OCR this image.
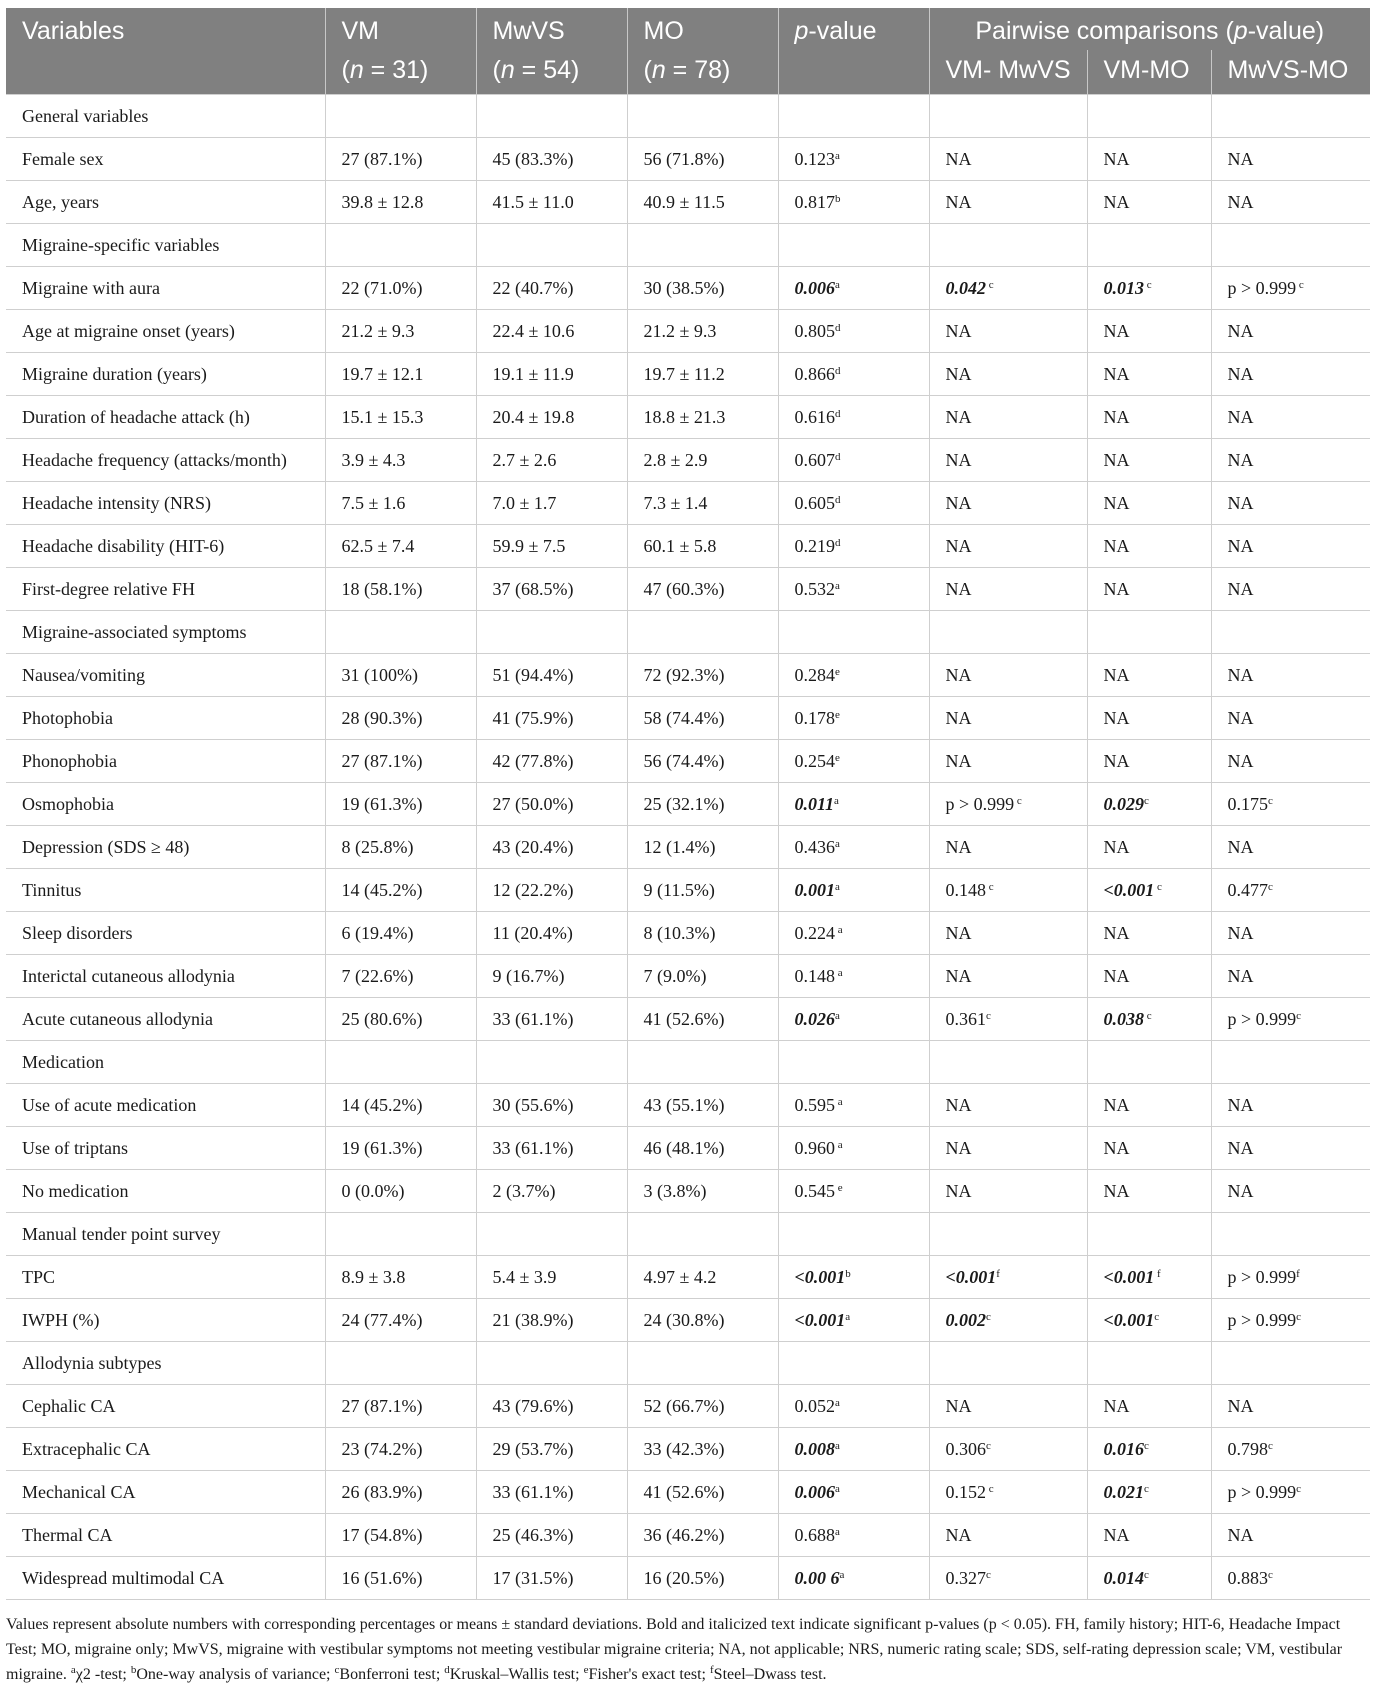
Variables	VM	MwVS	MO	p-value	Pairwise comparisons (p-value)		
	(n = 31)	(n = 54)	(n = 78)		VM- MwVS	VM-MO	MwVS-MO
General variables							
Female sex	27 (87.1%)	45 (83.3%)	56 (71.8%)	0.123$^a$	NA	NA	NA
Age, years	39.8 ± 12.8	41.5 ± 11.0	40.9 ± 11.5	0.817$^b$	NA	NA	NA
Migraine-specific variables							
Migraine with aura	22 (71.0%)	22 (40.7%)	30 (38.5%)	0.006$^a$	0.042 $^c$	0.013 $^c$	p > 0.999 $^c$
Age at migraine onset (years)	21.2 ± 9.3	22.4 ± 10.6	21.2 ± 9.3	0.805$^d$	NA	NA	NA
Migraine duration (years)	19.7 ± 12.1	19.1 ± 11.9	19.7 ± 11.2	0.866$^d$	NA	NA	NA
Duration of headache attack (h)	15.1 ± 15.3	20.4 ± 19.8	18.8 ± 21.3	0.616$^d$	NA	NA	NA
Headache frequency (attacks/month)	3.9 ± 4.3	2.7 ± 2.6	2.8 ± 2.9	0.607$^d$	NA	NA	NA
Headache intensity (NRS)	7.5 ± 1.6	7.0 ± 1.7	7.3 ± 1.4	0.605$^d$	NA	NA	NA
Headache disability (HIT-6)	62.5 ± 7.4	59.9 ± 7.5	60.1 ± 5.8	0.219$^d$	NA	NA	NA
First-degree relative FH	18 (58.1%)	37 (68.5%)	47 (60.3%)	0.532$^a$	NA	NA	NA
Migraine-associated symptoms							
Nausea/vomiting	31 (100%)	51 (94.4%)	72 (92.3%)	0.284e	NA	NA	NA
Photophobia	28 (90.3%)	41 (75.9%)	58 (74.4%)	0.178e	NA	NA	NA
Phonophobia	27 (87.1%)	42 (77.8%)	56 (74.4%)	0.254e	NA	NA	NA
Osmophobia	19 (61.3%)	27 (50.0%)	25 (32.1%)	0.011$^a$	p > 0.999 $^c$	0.029$^c$	0.175$^c$
Depression (SDS ≥ 48)	8 (25.8%)	43 (20.4%)	12 (1.4%)	0.436$^a$	NA	NA	NA
Tinnitus	14 (45.2%)	12 (22.2%)	9 (11.5%)	0.001$^a$	0.148 $^c$	<0.001 $^c$	0.477$^c$
Sleep disorders	6 (19.4%)	11 (20.4%)	8 (10.3%)	0.224 $^a$	NA	NA	NA
Interictal cutaneous allodynia	7 (22.6%)	9 (16.7%)	7 (9.0%)	0.148 $^a$	NA	NA	NA
Acute cutaneous allodynia	25 (80.6%)	33 (61.1%)	41 (52.6%)	0.026$^a$	0.361$^c$	0.038 $^c$	p > 0.999$^c$
Medication							
Use of acute medication	14 (45.2%)	30 (55.6%)	43 (55.1%)	0.595 $^a$	NA	NA	NA
Use of triptans	19 (61.3%)	33 (61.1%)	46 (48.1%)	0.960 $^a$	NA	NA	NA
No medication	0 (0.0%)	2 (3.7%)	3 (3.8%)	0.545 $^e$	NA	NA	NA
Manual tender point survey							
TPC	8.9 ± 3.8	5.4 ± 3.9	4.97 ± 4.2	<0.001$^b$	<0.001$^f$	<0.001 $^f$	p > 0.999$^f$
IWPH (%)	24 (77.4%)	21 (38.9%)	24 (30.8%)	<0.001$^a$	0.002$^c$	<0.001$^c$	p > 0.999$^c$
Allodynia subtypes							
Cephalic CA	27 (87.1%)	43 (79.6%)	52 (66.7%)	0.052$^a$	NA	NA	NA
Extracephalic CA	23 (74.2%)	29 (53.7%)	33 (42.3%)	0.008$^a$	0.306$^c$	0.016$^c$	0.798$^c$
Mechanical CA	26 (83.9%)	33 (61.1%)	41 (52.6%)	0.006$^a$	0.152 $^c$	0.021$^c$	p > 0.999$^c$
Thermal CA	17 (54.8%)	25 (46.3%)	36 (46.2%)	0.688$^a$	NA	NA	NA
Widespread multimodal CA	16 (51.6%)	17 (31.5%)	16 (20.5%)	0.00 6$^a$	0.327$^c$	0.014$^c$	0.883$^c$
Values represent absolute numbers with corresponding percentages or means ± standard deviations. Bold and italicized text indicate significant p-values (p < 0.05). FH, family history; HIT-6, Headache Impact Test; MO, migraine only; MwVS, migraine with vestibular symptoms not meeting vestibular migraine criteria; NA, not applicable; NRS, numeric rating scale; SDS, self-rating depression scale; VM, vestibular migraine. $^a$χ2 -test; $^b$One-way analysis of variance; $^c$Bonferroni test; $^d$Kruskal–Wallis test; $^e$Fisher's exact test; $^f$Steel–Dwass test.
